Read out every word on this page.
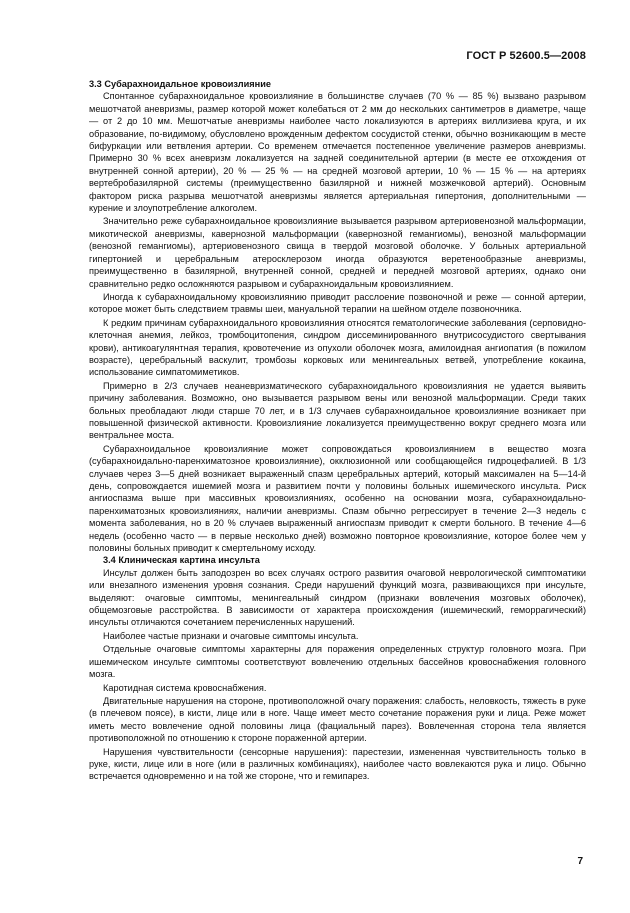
ГОСТ Р 52600.5—2008
3.3 Субарахноидальное кровоизлияние

Спонтанное субарахноидальное кровоизлияние в большинстве случаев (70 % — 85 %) вызвано разрывом мешотчатой аневризмы, размер которой может колебаться от 2 мм до нескольких сантиметров в диаметре, чаще — от 2 до 10 мм. Мешотчатые аневризмы наиболее часто локализуются в артериях виллизиева круга, и их образование, по-видимому, обусловлено врожденным дефектом сосудистой стенки, обычно возникающим в месте бифуркации или ветвления артерии. Со временем отмечается постепенное увеличение размеров аневризмы. Примерно 30 % всех аневризм локализуется на задней соединительной артерии (в месте ее отхождения от внутренней сонной артерии), 20 % — 25 % — на средней мозговой артерии, 10 % — 15 % — на артериях вертебробазилярной системы (преимущественно базилярной и нижней мозжечковой артерий). Основным фактором риска разрыва мешотчатой аневризмы является артериальная гипертония, дополнительными — курение и злоупотребление алкоголем.

Значительно реже субарахноидальное кровоизлияние вызывается разрывом артериовенозной мальформации, микотической аневризмы, кавернозной мальформации (кавернозной гемангиомы), венозной мальформации (венозной гемангиомы), артериовенозного свища в твердой мозговой оболочке. У больных артериальной гипертонией и церебральным атеросклерозом иногда образуются веретенообразные аневризмы, преимущественно в базилярной, внутренней сонной, средней и передней мозговой артериях, однако они сравнительно редко осложняются разрывом и субарахноидальным кровоизлиянием.

Иногда к субарахноидальному кровоизлиянию приводит расслоение позвоночной и реже — сонной артерии, которое может быть следствием травмы шеи, мануальной терапии на шейном отделе позвоночника.

К редким причинам субарахноидального кровоизлияния относятся гематологические заболевания (серповидно-клеточная анемия, лейкоз, тромбоцитопения, синдром диссеминированного внутрисосудистого свертывания крови), антикоагулянтная терапия, кровотечение из опухоли оболочек мозга, амилоидная ангиопатия (в пожилом возрасте), церебральный васкулит, тромбозы корковых или менингеальных ветвей, употребление кокаина, использование симпатомиметиков.

Примерно в 2/3 случаев неаневризматического субарахноидального кровоизлияния не удается выявить причину заболевания. Возможно, оно вызывается разрывом вены или венозной мальформации. Среди таких больных преобладают люди старше 70 лет, и в 1/3 случаев субарахноидальное кровоизлияние возникает при повышенной физической активности. Кровоизлияние локализуется преимущественно вокруг среднего мозга или вентральнее моста.

Субарахноидальное кровоизлияние может сопровождаться кровоизлиянием в вещество мозга (субарахноидально-паренхиматозное кровоизлияние), окклюзионной или сообщающейся гидроцефалией. В 1/3 случаев через 3—5 дней возникает выраженный спазм церебральных артерий, который максимален на 5—14-й день, сопровождается ишемией мозга и развитием почти у половины больных ишемического инсульта. Риск ангиоспазма выше при массивных кровоизлияниях, особенно на основании мозга, субарахноидально-паренхиматозных кровоизлияниях, наличии аневризмы. Спазм обычно регрессирует в течение 2—3 недель с момента заболевания, но в 20 % случаев выраженный ангиоспазм приводит к смерти больного. В течение 4—6 недель (особенно часто — в первые несколько дней) возможно повторное кровоизлияние, которое более чем у половины больных приводит к смертельному исходу.

3.4 Клиническая картина инсульта

Инсульт должен быть заподозрен во всех случаях острого развития очаговой неврологической симптоматики или внезапного изменения уровня сознания. Среди нарушений функций мозга, развивающихся при инсульте, выделяют: очаговые симптомы, менингеальный синдром (признаки вовлечения мозговых оболочек), общемозговые расстройства. В зависимости от характера происхождения (ишемический, геморрагический) инсульты отличаются сочетанием перечисленных нарушений.

Наиболее частые признаки и очаговые симптомы инсульта.

Отдельные очаговые симптомы характерны для поражения определенных структур головного мозга. При ишемическом инсульте симптомы соответствуют вовлечению отдельных бассейнов кровоснабжения головного мозга.

Каротидная система кровоснабжения.

Двигательные нарушения на стороне, противоположной очагу поражения: слабость, неловкость, тяжесть в руке (в плечевом поясе), в кисти, лице или в ноге. Чаще имеет место сочетание поражения руки и лица. Реже может иметь место вовлечение одной половины лица (фациальный парез). Вовлеченная сторона тела является противоположной по отношению к стороне пораженной артерии.

Нарушения чувствительности (сенсорные нарушения): парестезии, измененная чувствительность только в руке, кисти, лице или в ноге (или в различных комбинациях), наиболее часто вовлекаются рука и лицо. Обычно встречается одновременно и на той же стороне, что и гемипарез.

7
